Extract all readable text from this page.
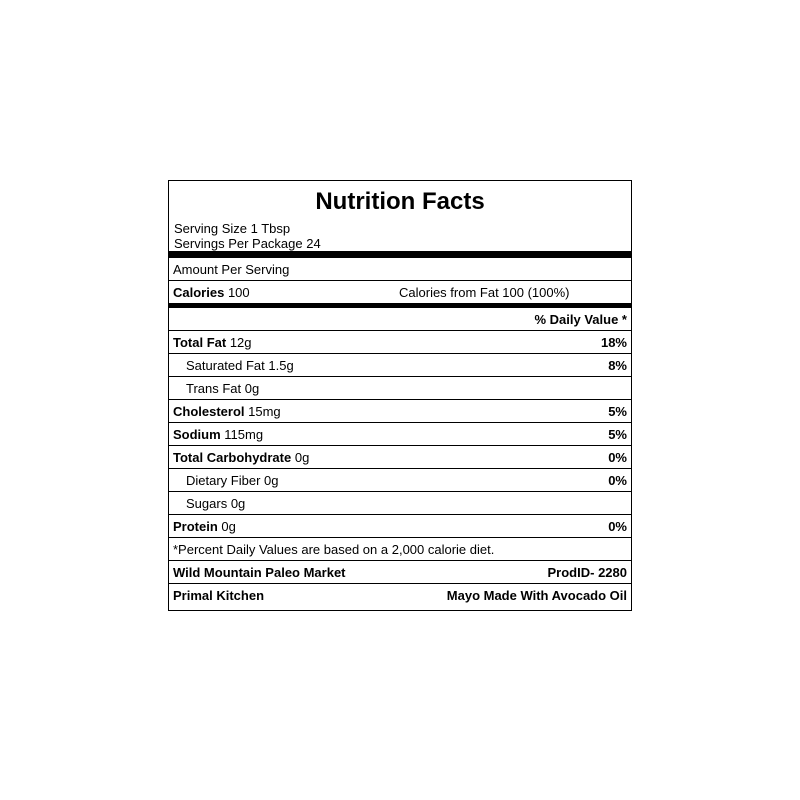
Nutrition Facts
Serving Size 1 Tbsp
Servings Per Package 24
Amount Per Serving
Calories 100	Calories from Fat 100 (100%)
% Daily Value *
Total Fat 12g	18%
Saturated Fat 1.5g	8%
Trans Fat 0g
Cholesterol 15mg	5%
Sodium 115mg	5%
Total Carbohydrate 0g	0%
Dietary Fiber 0g	0%
Sugars 0g
Protein 0g	0%
*Percent Daily Values are based on a 2,000 calorie diet.
Wild Mountain Paleo Market	ProdID- 2280
Primal Kitchen	Mayo Made With Avocado Oil
